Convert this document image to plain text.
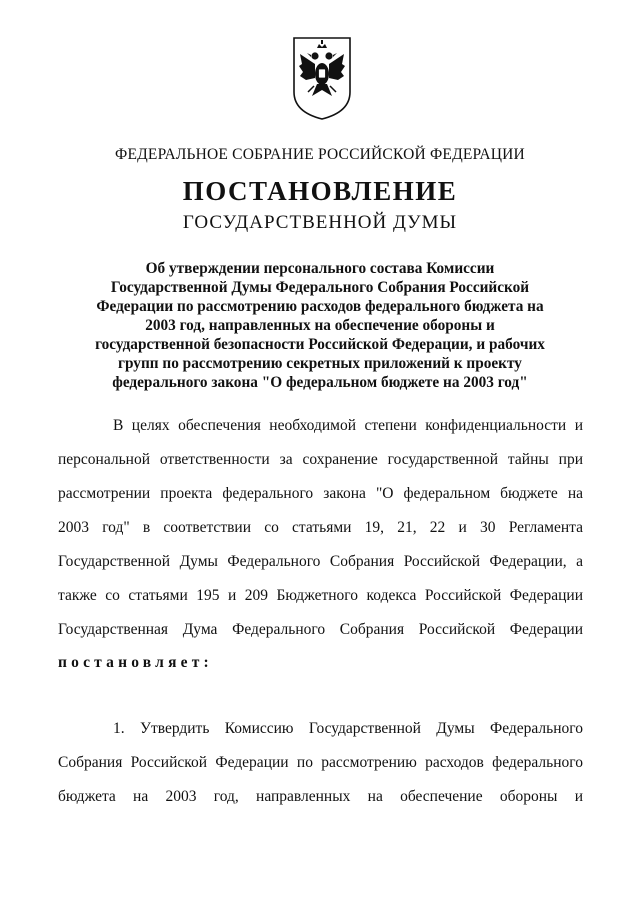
ФЕДЕРАЛЬНОЕ СОБРАНИЕ РОССИЙСКОЙ ФЕДЕРАЦИИ
ПОСТАНОВЛЕНИЕ
ГОСУДАРСТВЕННОЙ ДУМЫ
Об утверждении персонального состава Комиссии
Государственной Думы Федерального Собрания Российской
Федерации по рассмотрению расходов федерального бюджета на
2003 год, направленных на обеспечение обороны и
государственной безопасности Российской Федерации, и рабочих
групп по рассмотрению секретных приложений к проекту
федерального закона "О федеральном бюджете на 2003 год"
В целях обеспечения необходимой степени конфиденциальности и
персональной ответственности за сохранение государственной тайны при
рассмотрении проекта федерального закона "О федеральном бюджете на
2003 год" в соответствии со статьями 19, 21, 22 и 30 Регламента
Государственной Думы Федерального Собрания Российской Федерации, а
также со статьями 195 и 209 Бюджетного кодекса Российской Федерации
Государственная Дума Федерального Собрания Российской Федерации
постановляет:
1. Утвердить Комиссию Государственной Думы Федерального
Собрания Российской Федерации по рассмотрению расходов федерального
бюджета на 2003 год, направленных на обеспечение обороны и
